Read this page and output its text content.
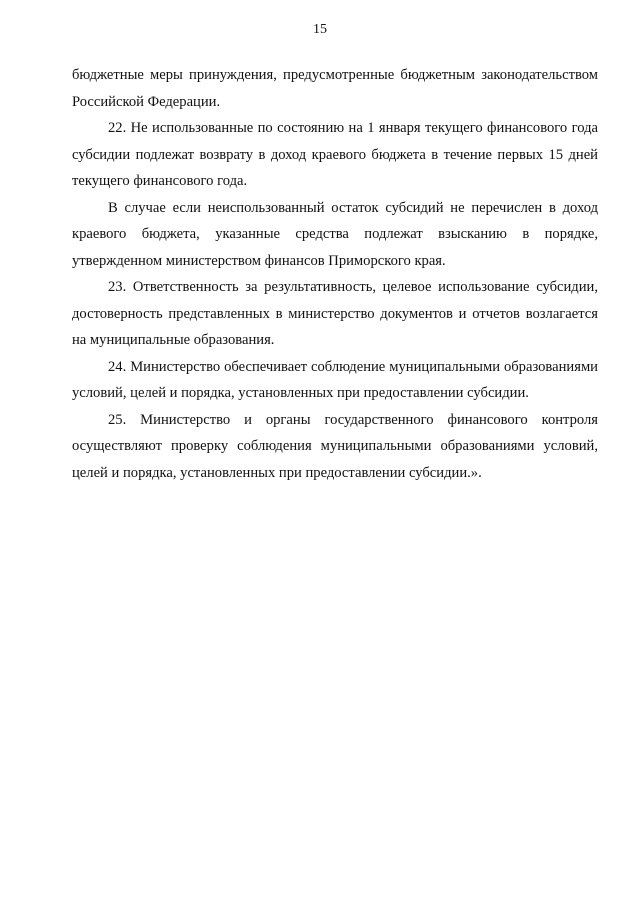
15

бюджетные меры принуждения, предусмотренные бюджетным законодательством Российской Федерации.

22. Не использованные по состоянию на 1 января текущего финансового года субсидии подлежат возврату в доход краевого бюджета в течение первых 15 дней текущего финансового года.

В случае если неиспользованный остаток субсидий не перечислен в доход краевого бюджета, указанные средства подлежат взысканию в порядке, утвержденном министерством финансов Приморского края.

23. Ответственность за результативность, целевое использование субсидии, достоверность представленных в министерство документов и отчетов возлагается на муниципальные образования.

24. Министерство обеспечивает соблюдение муниципальными образованиями условий, целей и порядка, установленных при предоставлении субсидии.

25. Министерство и органы государственного финансового контроля осуществляют проверку соблюдения муниципальными образованиями условий, целей и порядка, установленных при предоставлении субсидии.».
